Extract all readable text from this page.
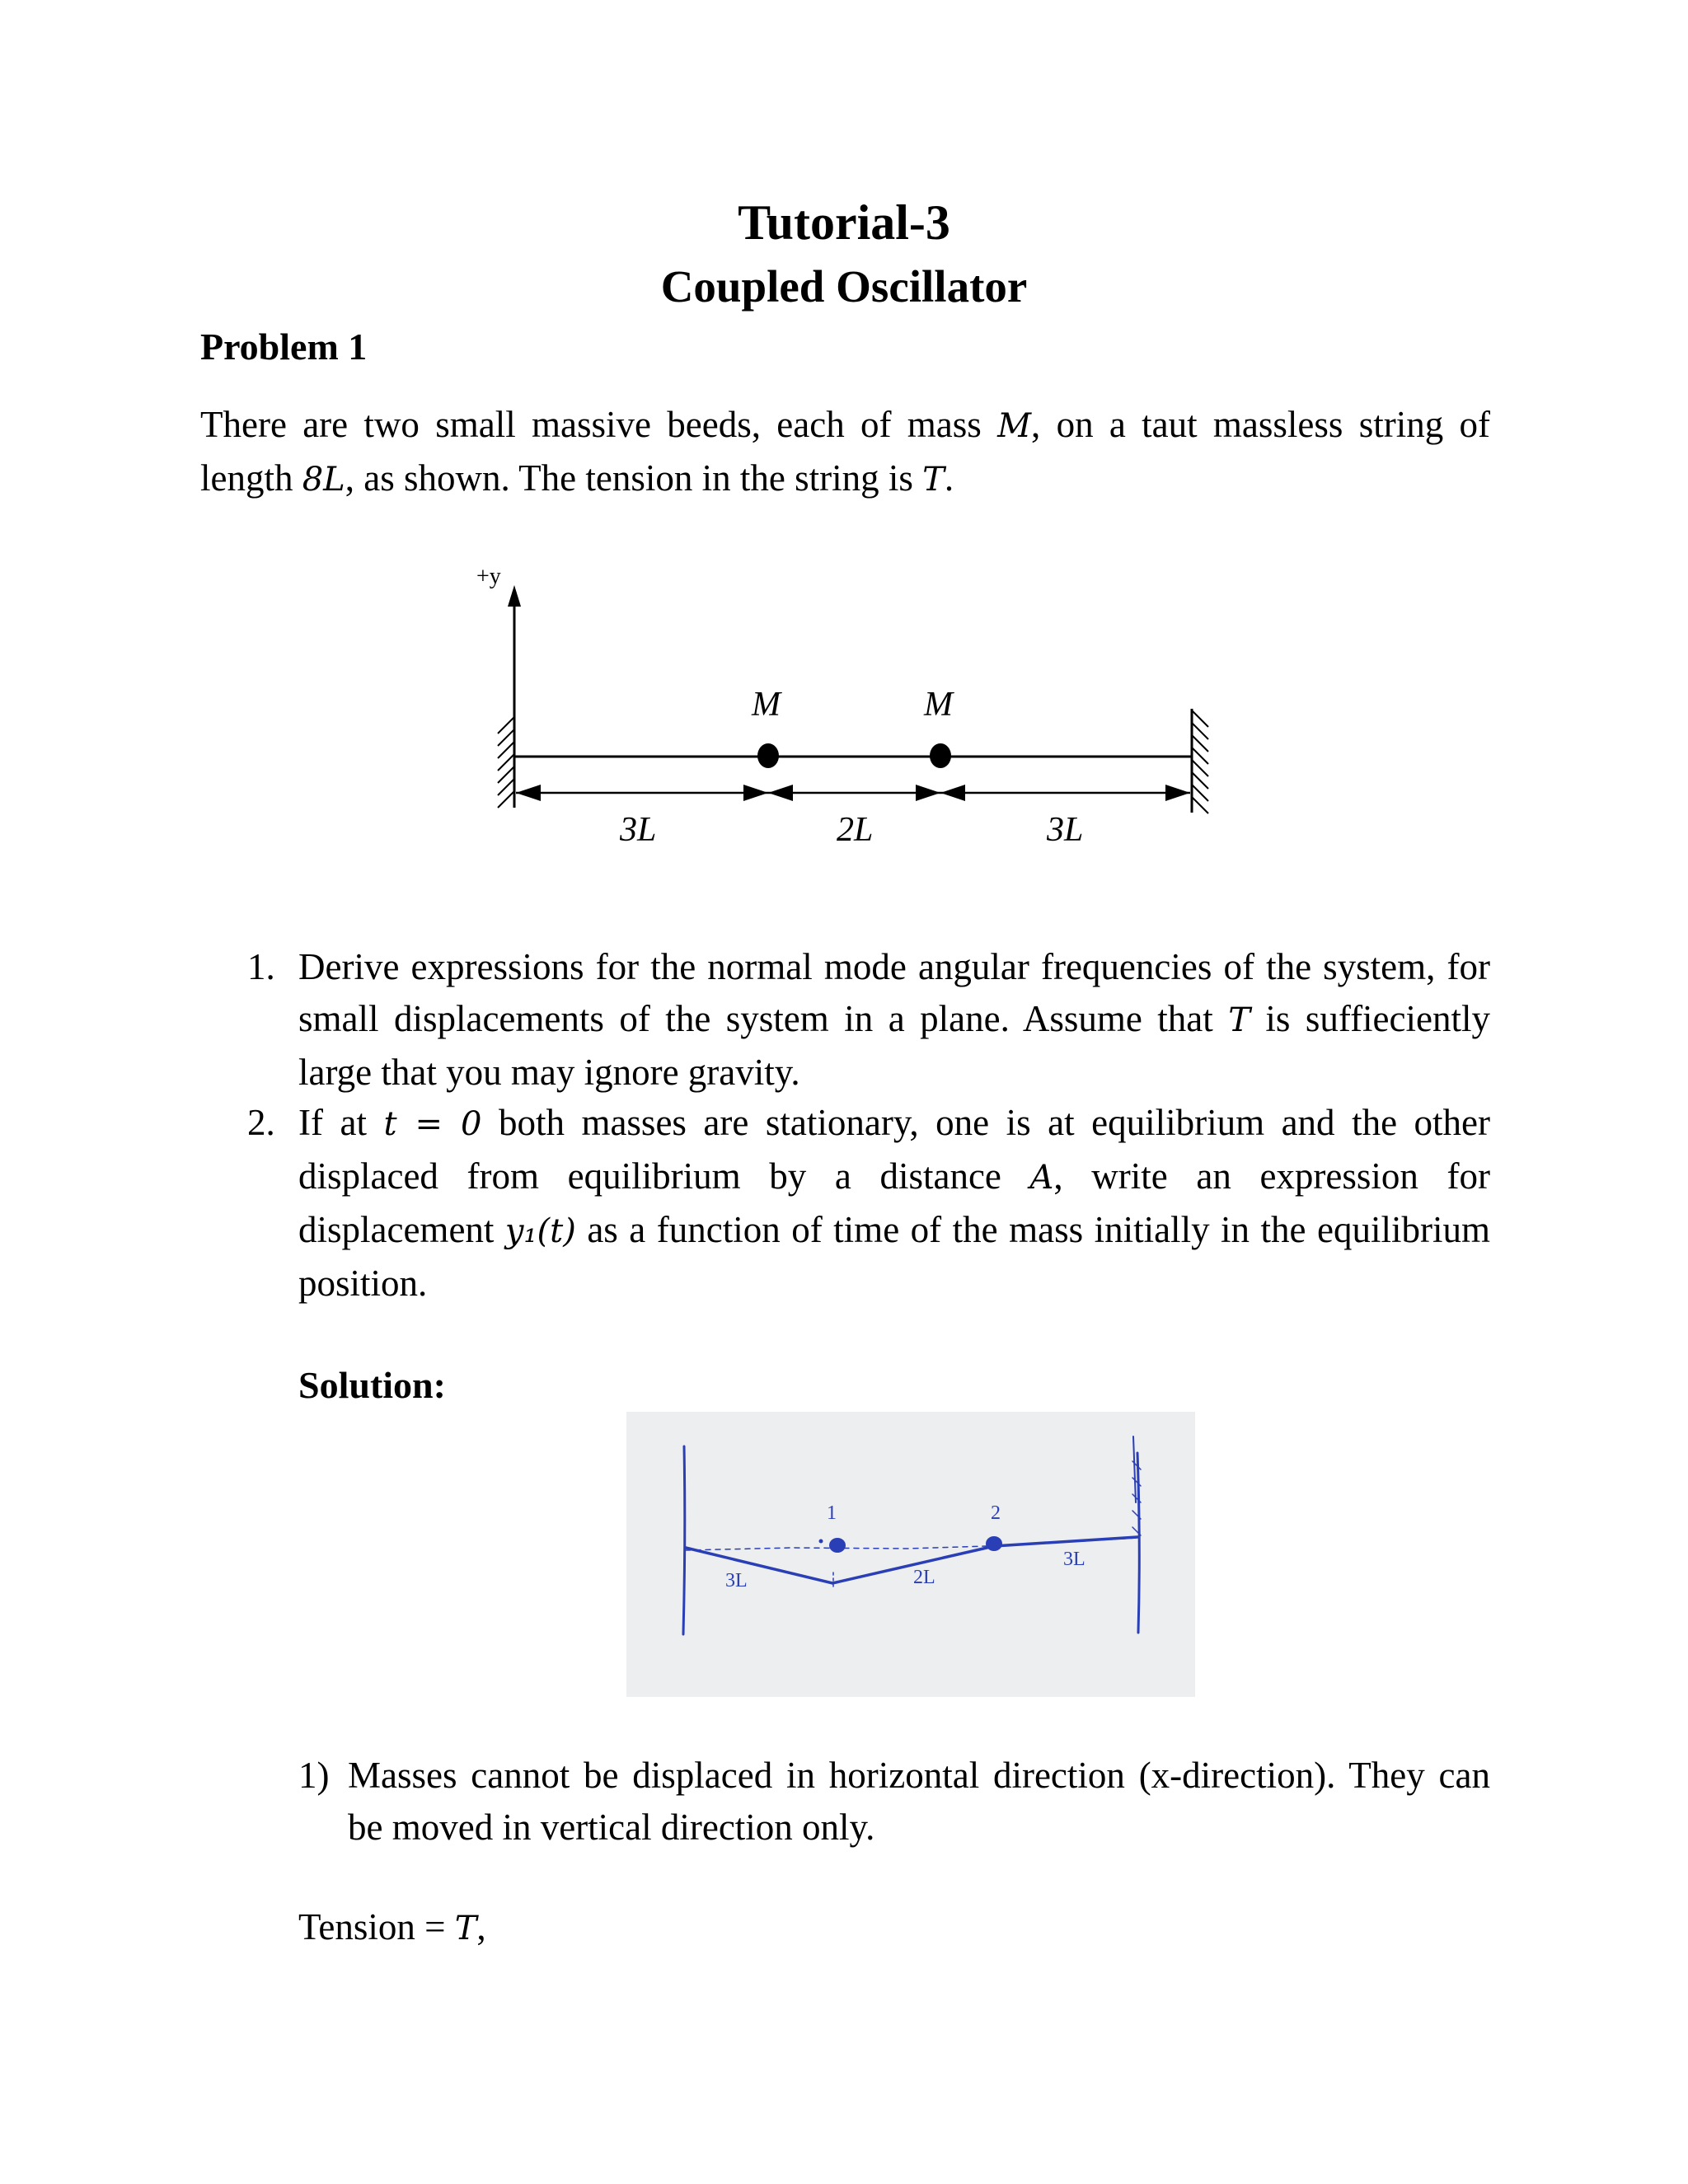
Tutorial-3
Coupled Oscillator
Problem 1
There are two small massive beeds, each of mass M, on a taut massless string of length 8L, as shown. The tension in the string is T.
+y
M	M
3L	2L	3L
1. Derive expressions for the normal mode angular frequencies of the system, for small displacements of the system in a plane. Assume that T is suffieciently large that you may ignore gravity.
2. If at t = 0 both masses are stationary, one is at equilibrium and the other displaced from equilibrium by a distance A, write an expression for displacement y₁(t) as a function of time of the mass initially in the equilibrium position.
Solution:
1	2
3L	2L
3L
1) Masses cannot be displaced in horizontal direction (x-direction). They can be moved in vertical direction only.
Tension = T,
